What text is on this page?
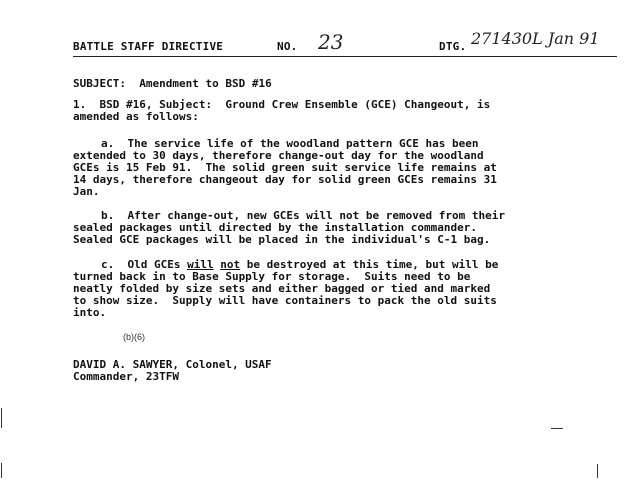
BATTLE STAFF DIRECTIVE	NO. 23	DTG. 271430L Jan 91
SUBJECT: Amendment to BSD #16
1.  BSD #16, Subject:  Ground Crew Ensemble (GCE) Changeout, is
amended as follows:
a.  The service life of the woodland pattern GCE has been
extended to 30 days, therefore change-out day for the woodland
GCEs is 15 Feb 91.  The solid green suit service life remains at
14 days, therefore changeout day for solid green GCEs remains 31
Jan.
b.  After change-out, new GCEs will not be removed from their
sealed packages until directed by the installation commander.
Sealed GCE packages will be placed in the individual's C-1 bag.
c.  Old GCEs will not be destroyed at this time, but will be
turned back in to Base Supply for storage.  Suits need to be
neatly folded by size sets and either bagged or tied and marked
to show size.  Supply will have containers to pack the old suits
into.
(b)(6)
DAVID A. SAWYER, Colonel, USAF
Commander, 23TFW
